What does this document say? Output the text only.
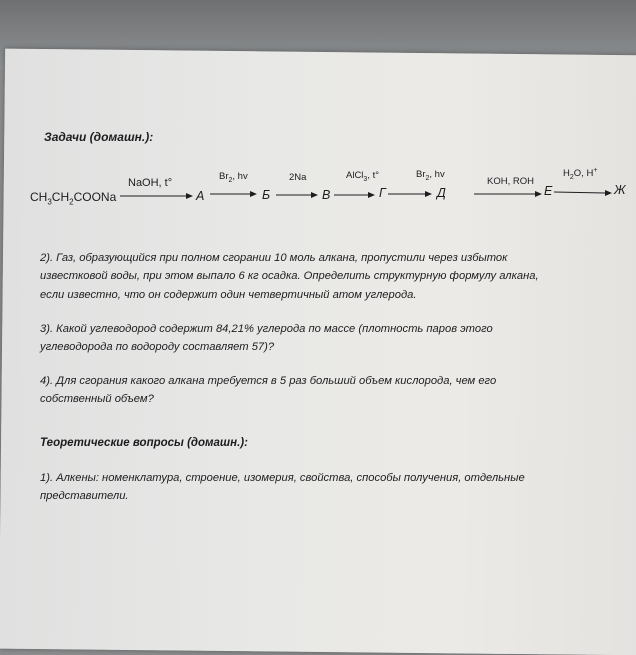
Задачи (домашн.):
$CH_3CH_2COONa$
NaOH, t°
$Br_2$, hv	2Na	AlCl$_3$, t°	$Br_2$, hv
KOH, ROH
$H_2O$, H+
А	Б	В	Г	Д	Е	Ж
2). Газ, образующийся при полном сгорании 10 моль алкана, пропустили через избыток
известковой воды, при этом выпало 6 кг осадка. Определить структурную формулу алкана,
если известно, что он содержит один четвертичный атом углерода.
3). Какой углеводород содержит 84,21% углерода по массе (плотность паров этого
углеводорода по водороду составляет 57)?
4). Для сгорания какого алкана требуется в 5 раз больший объем кислорода, чем его
собственный объем?
Теоретические вопросы (домашн.):
1). Алкены: номенклатура, строение, изомерия, свойства, способы получения, отдельные
представители.
